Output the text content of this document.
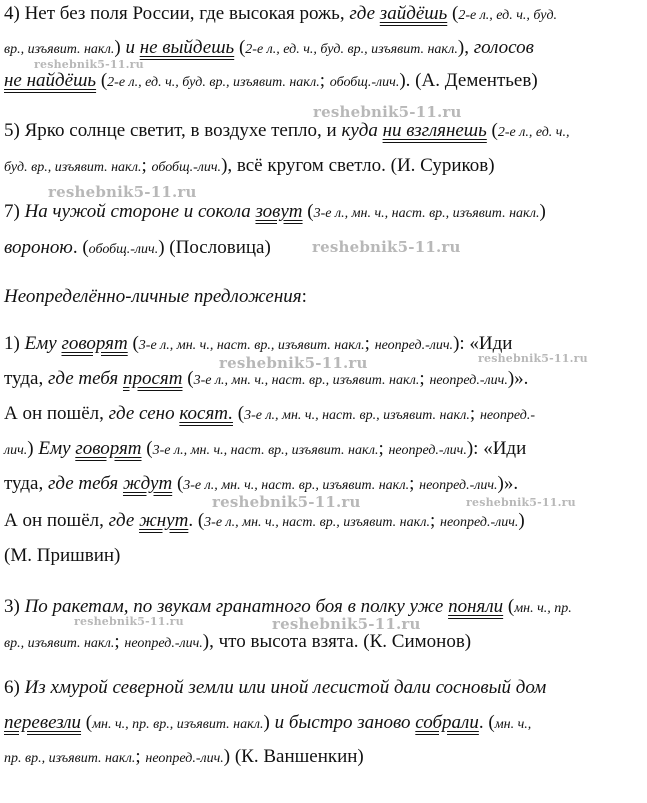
4) Нет без поля России, где высокая рожь, где зайдёшь (2-е л., ед. ч., буд.
вр., изъявит. накл.) и не выйдешь (2-е л., ед. ч., буд. вр., изъявит. накл.), голосов
не найдёшь (2-е л., ед. ч., буд. вр., изъявит. накл.; обобщ.-лич.). (А. Дементьев)
5) Ярко солнце светит, в воздухе тепло, и куда ни взглянешь (2-е л., ед. ч.,
буд. вр., изъявит. накл.; обобщ.-лич.), всё кругом светло. (И. Суриков)
7) На чужой стороне и сокола зовут (3-е л., мн. ч., наст. вр., изъявит. накл.)
вороною. (обобщ.-лич.) (Пословица)
Неопределённо-личные предложения:
1) Ему говорят (3-е л., мн. ч., наст. вр., изъявит. накл.; неопред.-лич.): «Иди
туда, где тебя просят (3-е л., мн. ч., наст. вр., изъявит. накл.; неопред.-лич.)».
А он пошёл, где сено косят. (3-е л., мн. ч., наст. вр., изъявит. накл.; неопред.-
лич.) Ему говорят (3-е л., мн. ч., наст. вр., изъявит. накл.; неопред.-лич.): «Иди
туда, где тебя ждут (3-е л., мн. ч., наст. вр., изъявит. накл.; неопред.-лич.)».
А он пошёл, где жнут. (3-е л., мн. ч., наст. вр., изъявит. накл.; неопред.-лич.)
(М. Пришвин)
3) По ракетам, по звукам гранатного боя в полку уже поняли (мн. ч., пр.
вр., изъявит. накл.; неопред.-лич.), что высота взята. (К. Симонов)
6) Из хмурой северной земли или иной лесистой дали сосновый дом
перевезли (мн. ч., пр. вр., изъявит. накл.) и быстро заново собрали. (мн. ч.,
пр. вр., изъявит. накл.; неопред.-лич.) (К. Ваншенкин)
reshebnik5-11.ru
reshebnik5-11.ru
reshebnik5-11.ru
reshebnik5-11.ru
reshebnik5-11.ru	reshebnik5-11.ru
reshebnik5-11.ru	reshebnik5-11.ru
reshebnik5-11.ru	reshebnik5-11.ru
